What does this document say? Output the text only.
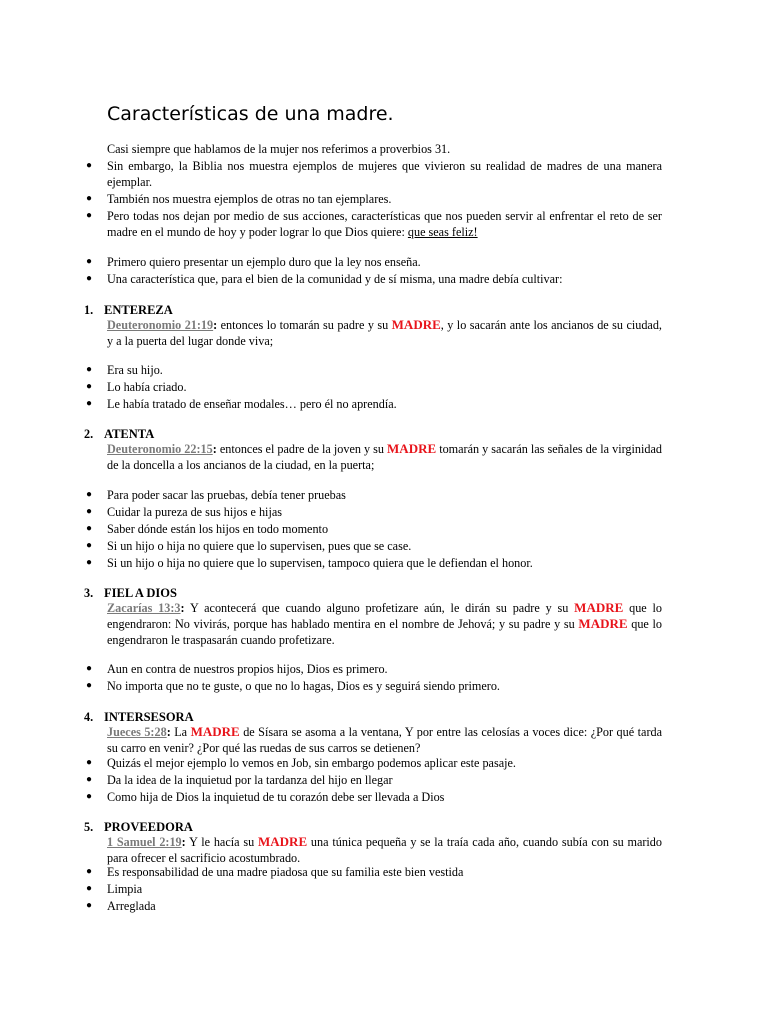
Características de una madre.
Casi siempre que hablamos de la mujer nos referimos a proverbios 31.
● Sin embargo, la Biblia nos muestra ejemplos de mujeres que vivieron su realidad de madres de una manera ejemplar.
● También nos muestra ejemplos de otras no tan ejemplares.
● Pero todas nos dejan por medio de sus acciones, características que nos pueden servir al enfrentar el reto de ser madre en el mundo de hoy y poder lograr lo que Dios quiere: que seas feliz!
● Primero quiero presentar un ejemplo duro que la ley nos enseña.
● Una característica que, para el bien de la comunidad y de sí misma, una madre debía cultivar:
1. ENTEREZA
Deuteronomio 21:19: entonces lo tomarán su padre y su MADRE, y lo sacarán ante los ancianos de su ciudad, y a la puerta del lugar donde viva;
● Era su hijo.
● Lo había criado.
● Le había tratado de enseñar modales… pero él no aprendía.
2. ATENTA
Deuteronomio 22:15: entonces el padre de la joven y su MADRE tomarán y sacarán las señales de la virginidad de la doncella a los ancianos de la ciudad, en la puerta;
● Para poder sacar las pruebas, debía tener pruebas
● Cuidar la pureza de sus hijos e hijas
● Saber dónde están los hijos en todo momento
● Si un hijo o hija no quiere que lo supervisen, pues que se case.
● Si un hijo o hija no quiere que lo supervisen, tampoco quiera que le defiendan el honor.
3. FIEL A DIOS
Zacarías 13:3: Y acontecerá que cuando alguno profetizare aún, le dirán su padre y su MADRE que lo engendraron: No vivirás, porque has hablado mentira en el nombre de Jehová; y su padre y su MADRE que lo engendraron le traspasarán cuando profetizare.
● Aun en contra de nuestros propios hijos, Dios es primero.
● No importa que no te guste, o que no lo hagas, Dios es y seguirá siendo primero.
4. INTERSESORA
Jueces 5:28: La MADRE de Sísara se asoma a la ventana, Y por entre las celosías a voces dice: ¿Por qué tarda su carro en venir? ¿Por qué las ruedas de sus carros se detienen?
● Quizás el mejor ejemplo lo vemos en Job, sin embargo podemos aplicar este pasaje.
● Da la idea de la inquietud por la tardanza del hijo en llegar
● Como hija de Dios la inquietud de tu corazón debe ser llevada a Dios
5. PROVEEDORA
1 Samuel 2:19: Y le hacía su MADRE una túnica pequeña y se la traía cada año, cuando subía con su marido para ofrecer el sacrificio acostumbrado.
● Es responsabilidad de una madre piadosa que su familia este bien vestida
● Limpia
● Arreglada
